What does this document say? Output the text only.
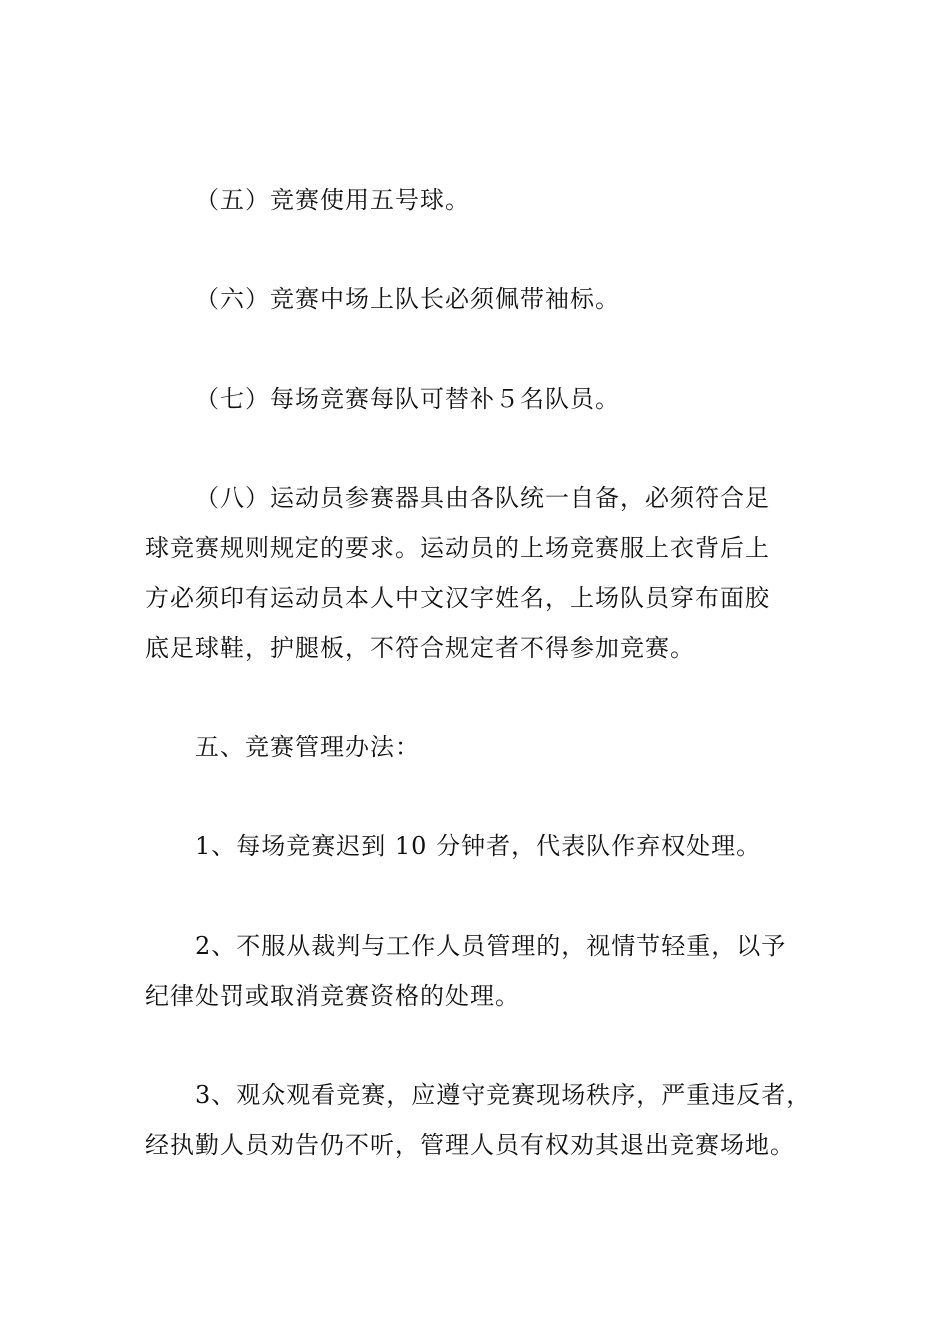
（五）竞赛使用五号球。

（六）竞赛中场上队长必须佩带袖标。

（七）每场竞赛每队可替补５名队员。

（八）运动员参赛器具由各队统一自备，必须符合足
球竞赛规则规定的要求。运动员的上场竞赛服上衣背后上
方必须印有运动员本人中文汉字姓名，上场队员穿布面胶
底足球鞋，护腿板，不符合规定者不得参加竞赛。

五、竞赛管理办法：

1、每场竞赛迟到 10 分钟者，代表队作弃权处理。

2、不服从裁判与工作人员管理的，视情节轻重，以予
纪律处罚或取消竞赛资格的处理。

3、观众观看竞赛，应遵守竞赛现场秩序，严重违反者，
经执勤人员劝告仍不听，管理人员有权劝其退出竞赛场地。
